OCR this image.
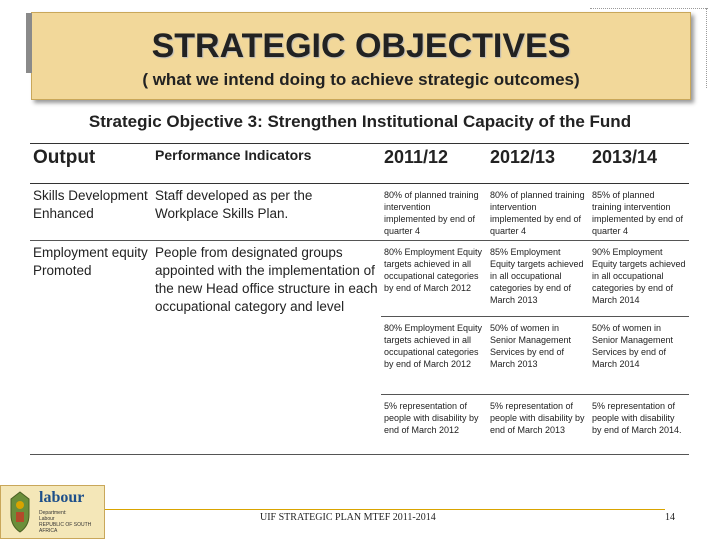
STRATEGIC OBJECTIVES
( what we intend doing to achieve strategic outcomes)
Strategic Objective 3: Strengthen Institutional Capacity of the Fund
Output	Performance Indicators	2011/12	2012/13	2013/14
Skills Development Enhanced	Staff developed as per the Workplace Skills Plan.	80% of planned training intervention implemented by end of quarter 4	80% of planned training intervention implemented by end of quarter 4	85% of planned training intervention implemented by end of quarter 4
Employment equity Promoted	People from designated groups appointed with the implementation of the new Head office structure in each occupational category and level	80% Employment Equity targets achieved in all occupational categories by end of March 2012	85% Employment Equity targets achieved in all occupational categories by end of March 2013	90% Employment Equity targets achieved in all occupational categories by end of March 2014
		80% Employment Equity targets achieved in all occupational categories by end of March 2012	50% of women in Senior Management Services by end of March 2013	50% of women in Senior Management Services by end of March 2014
		5% representation of people with disability by end of March 2012	5% representation of people with disability by end of March 2013	5% representation of people with disability by end of March 2014.
labour
Department:
Labour
REPUBLIC OF SOUTH AFRICA
UIF STRATEGIC PLAN MTEF 2011-2014	14
